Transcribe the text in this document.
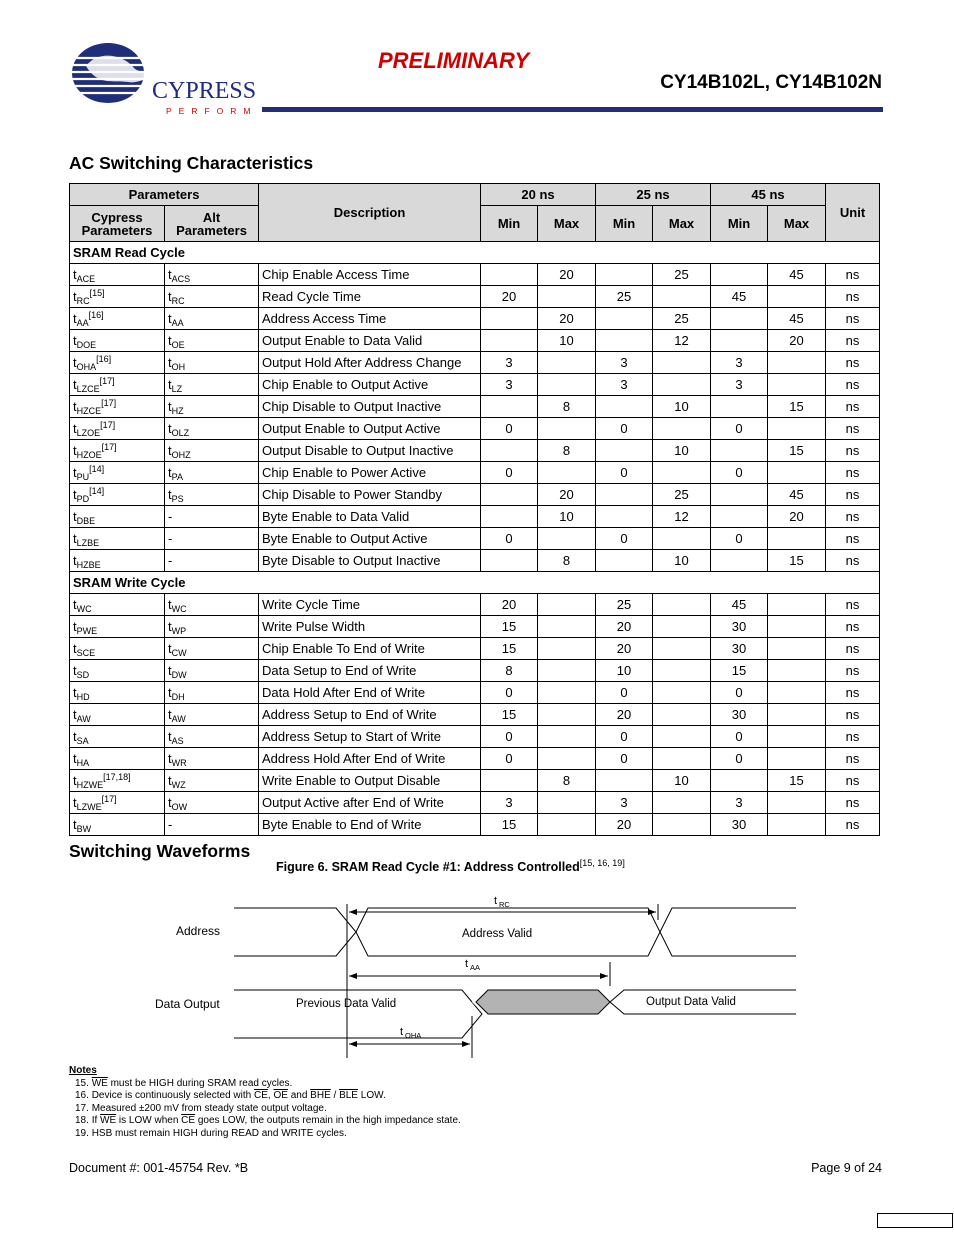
CYPRESS
PERFORM
PRELIMINARY
CY14B102L, CY14B102N
AC Switching Characteristics
Parameters		Description	20 ns		25 ns		45 ns		Unit
Cypress Parameters	Alt Parameters		Min	Max	Min	Max	Min	Max	
SRAM Read Cycle									
$t_{ACE}$	$t_{ACS}$	Chip Enable Access Time		20		25		45	ns
$t_{RC}[15]$	$t_{RC}$	Read Cycle Time	20		25		45		ns
$t_{AA}[16]$	$t_{AA}$	Address Access Time		20		25		45	ns
$t_{DOE}$	$t_{OE}$	Output Enable to Data Valid		10		12		20	ns
$t_{OHA}[16]$	$t_{OH}$	Output Hold After Address Change	3		3		3		ns
$t_{LZCE}[17]$	$t_{LZ}$	Chip Enable to Output Active	3		3		3		ns
$t_{HZCE}[17]$	$t_{HZ}$	Chip Disable to Output Inactive		8		10		15	ns
$t_{LZOE}[17]$	$t_{OLZ}$	Output Enable to Output Active	0		0		0		ns
$t_{HZOE}[17]$	$t_{OHZ}$	Output Disable to Output Inactive		8		10		15	ns
$t_{PU}[14]$	$t_{PA}$	Chip Enable to Power Active	0		0		0		ns
$t_{PD}[14]$	$t_{PS}$	Chip Disable to Power Standby		20		25		45	ns
$t_{DBE}$	-	Byte Enable to Data Valid		10		12		20	ns
$t_{LZBE}$	-	Byte Enable to Output Active	0		0		0		ns
$t_{HZBE}$	-	Byte Disable to Output Inactive		8		10		15	ns
SRAM Write Cycle									
$t_{WC}$	$t_{WC}$	Write Cycle Time	20		25		45		ns
$t_{PWE}$	$t_{WP}$	Write Pulse Width	15		20		30		ns
$t_{SCE}$	$t_{CW}$	Chip Enable To End of Write	15		20		30		ns
$t_{SD}$	$t_{DW}$	Data Setup to End of Write	8		10		15		ns
$t_{HD}$	$t_{DH}$	Data Hold After End of Write	0		0		0		ns
$t_{AW}$	$t_{AW}$	Address Setup to End of Write	15		20		30		ns
$t_{SA}$	$t_{AS}$	Address Setup to Start of Write	0		0		0		ns
$t_{HA}$	$t_{WR}$	Address Hold After End of Write	0		0		0		ns
$t_{HZWE}[17,18]$	$t_{WZ}$	Write Enable to Output Disable		8		10		15	ns
$t_{LZWE}[17]$	$t_{OW}$	Output Active after End of Write	3		3		3		ns
$t_{BW}$	-	Byte Enable to End of Write	15		20		30		ns
Switching Waveforms
Figure 6. SRAM Read Cycle #1: Address Controlled[15, 16, 19]
Address
Data Output
Address Valid
Previous Data Valid	Output Data Valid
t RC
t AA
t OHA
Notes
15. $\overline{WE}$ must be HIGH during SRAM read cycles.
16. Device is continuously selected with $\overline{CE}$, $\overline{OE}$ and $\overline{BHE} / \overline{BLE}$ LOW.
17. Measured ±200 mV from steady state output voltage.
18. If $\overline{WE}$ is LOW when $\overline{CE}$ goes LOW, the outputs remain in the high impedance state.
19. HSB must remain HIGH during READ and WRITE cycles.
Document #: 001-45754 Rev. *B	Page 9 of 24
